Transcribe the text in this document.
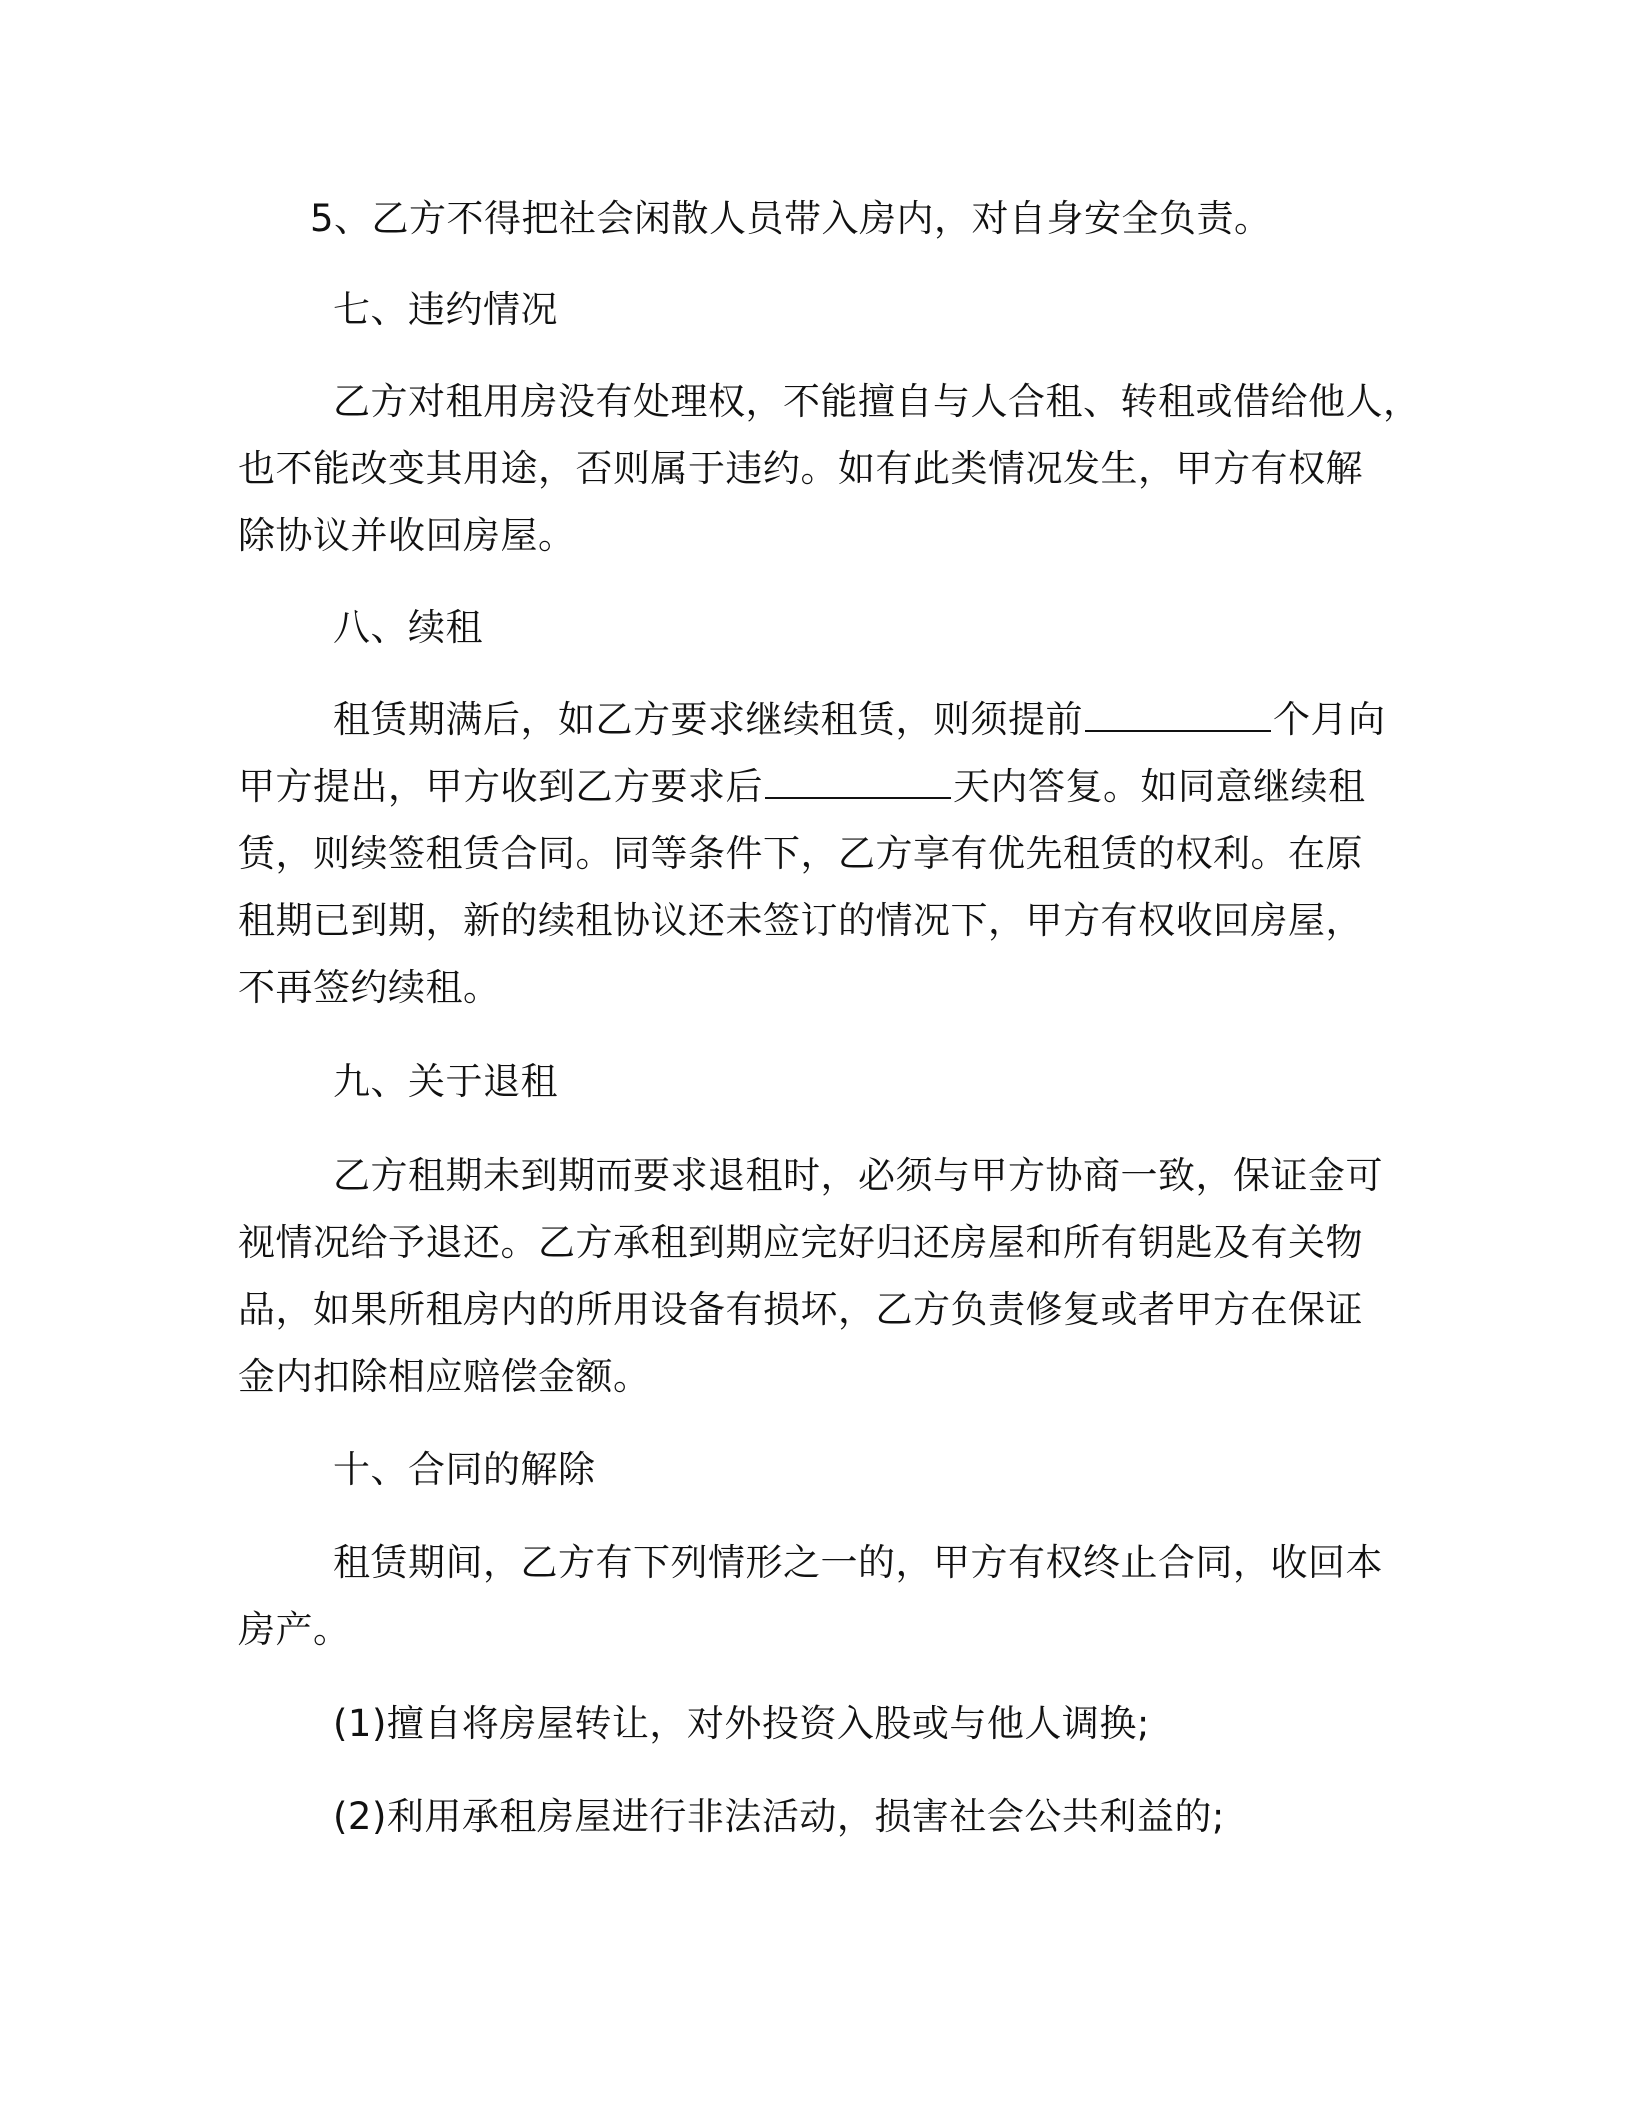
5、乙方不得把社会闲散人员带入房内，对自身安全负责。
七、违约情况
乙方对租用房没有处理权，不能擅自与人合租、转租或借给他人，
也不能改变其用途，否则属于违约。如有此类情况发生，甲方有权解
除协议并收回房屋。
八、续租
租赁期满后，如乙方要求继续租赁，则须提前	个月向
甲方提出，甲方收到乙方要求后	天内答复。如同意继续租
赁，则续签租赁合同。同等条件下，乙方享有优先租赁的权利。在原
租期已到期，新的续租协议还未签订的情况下，甲方有权收回房屋，
不再签约续租。
九、关于退租
乙方租期未到期而要求退租时，必须与甲方协商一致，保证金可
视情况给予退还。乙方承租到期应完好归还房屋和所有钥匙及有关物
品，如果所租房内的所用设备有损坏，乙方负责修复或者甲方在保证
金内扣除相应赔偿金额。
十、合同的解除
租赁期间，乙方有下列情形之一的，甲方有权终止合同，收回本
房产。
(1)擅自将房屋转让，对外投资入股或与他人调换;
(2)利用承租房屋进行非法活动，损害社会公共利益的;
